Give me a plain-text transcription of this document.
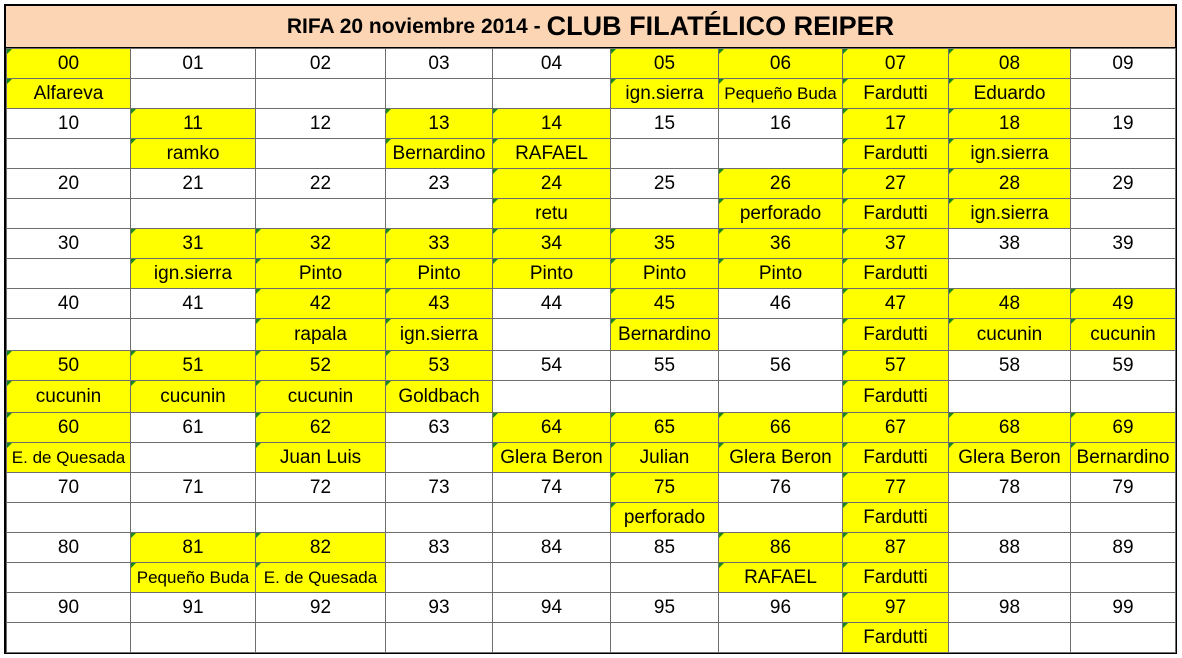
RIFA 20 noviembre 2014 - CLUB FILATÉLICO REIPER
00	01	02	03	04	05	06	07	08	09
Alfareva					ign.sierra	Pequeño Buda	Fardutti	Eduardo	
10	11	12	13	14	15	16	17	18	19
	ramko		Bernardino	RAFAEL			Fardutti	ign.sierra	
20	21	22	23	24	25	26	27	28	29
				retu		perforado	Fardutti	ign.sierra	
30	31	32	33	34	35	36	37	38	39
	ign.sierra	Pinto	Pinto	Pinto	Pinto	Pinto	Fardutti		
40	41	42	43	44	45	46	47	48	49
		rapala	ign.sierra		Bernardino		Fardutti	cucunin	cucunin
50	51	52	53	54	55	56	57	58	59
cucunin	cucunin	cucunin	Goldbach				Fardutti		
60	61	62	63	64	65	66	67	68	69
E. de Quesada		Juan Luis		Glera Beron	Julian	Glera Beron	Fardutti	Glera Beron	Bernardino
70	71	72	73	74	75	76	77	78	79
					perforado		Fardutti		
80	81	82	83	84	85	86	87	88	89
	Pequeño Buda	E. de Quesada				RAFAEL	Fardutti		
90	91	92	93	94	95	96	97	98	99
							Fardutti		
